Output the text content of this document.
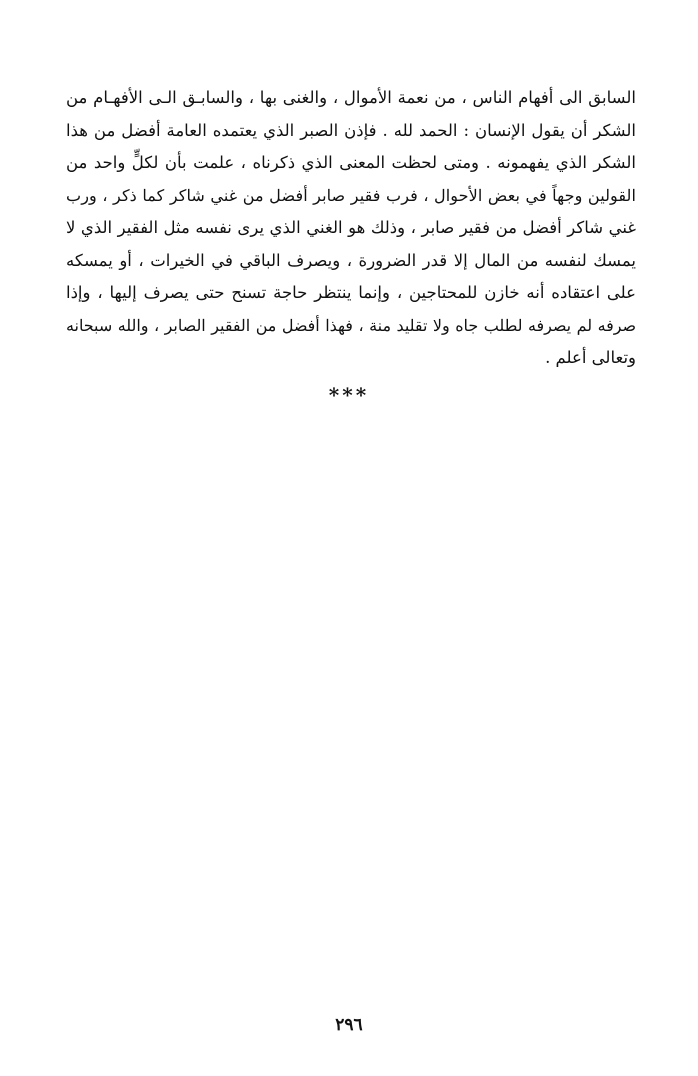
السابق الى أفهام الناس ، من نعمة الأموال ، والغنى بها ، والسابـق الـى الأفهـام من
الشكر أن يقول الإنسان : الحمد لله . فإذن الصبر الذي يعتمده العامة أفضل من هذا
الشكر الذي يفهمونه . ومتى لحظت المعنى الذي ذكرناه ، علمت بأن لكلٍّ واحد من
القولين وجهاً في بعض الأحوال ، فرب فقير صابر أفضل من غني شاكر كما ذكر ، ورب
غني شاكر أفضل من فقير صابر ، وذلك هو الغني الذي يرى نفسه مثل الفقير الذي لا
يمسك لنفسه من المال إلا قدر الضرورة ، ويصرف الباقي في الخيرات ، أو يمسكه
على اعتقاده أنه خازن للمحتاجين ، وإنما ينتظر حاجة تسنح حتى يصرف إليها ، وإذا
صرفه لم يصرفه لطلب جاه ولا تقليد منة ، فهذا أفضل من الفقير الصابر ، والله سبحانه
وتعالى أعلم .
***
٢٩٦
